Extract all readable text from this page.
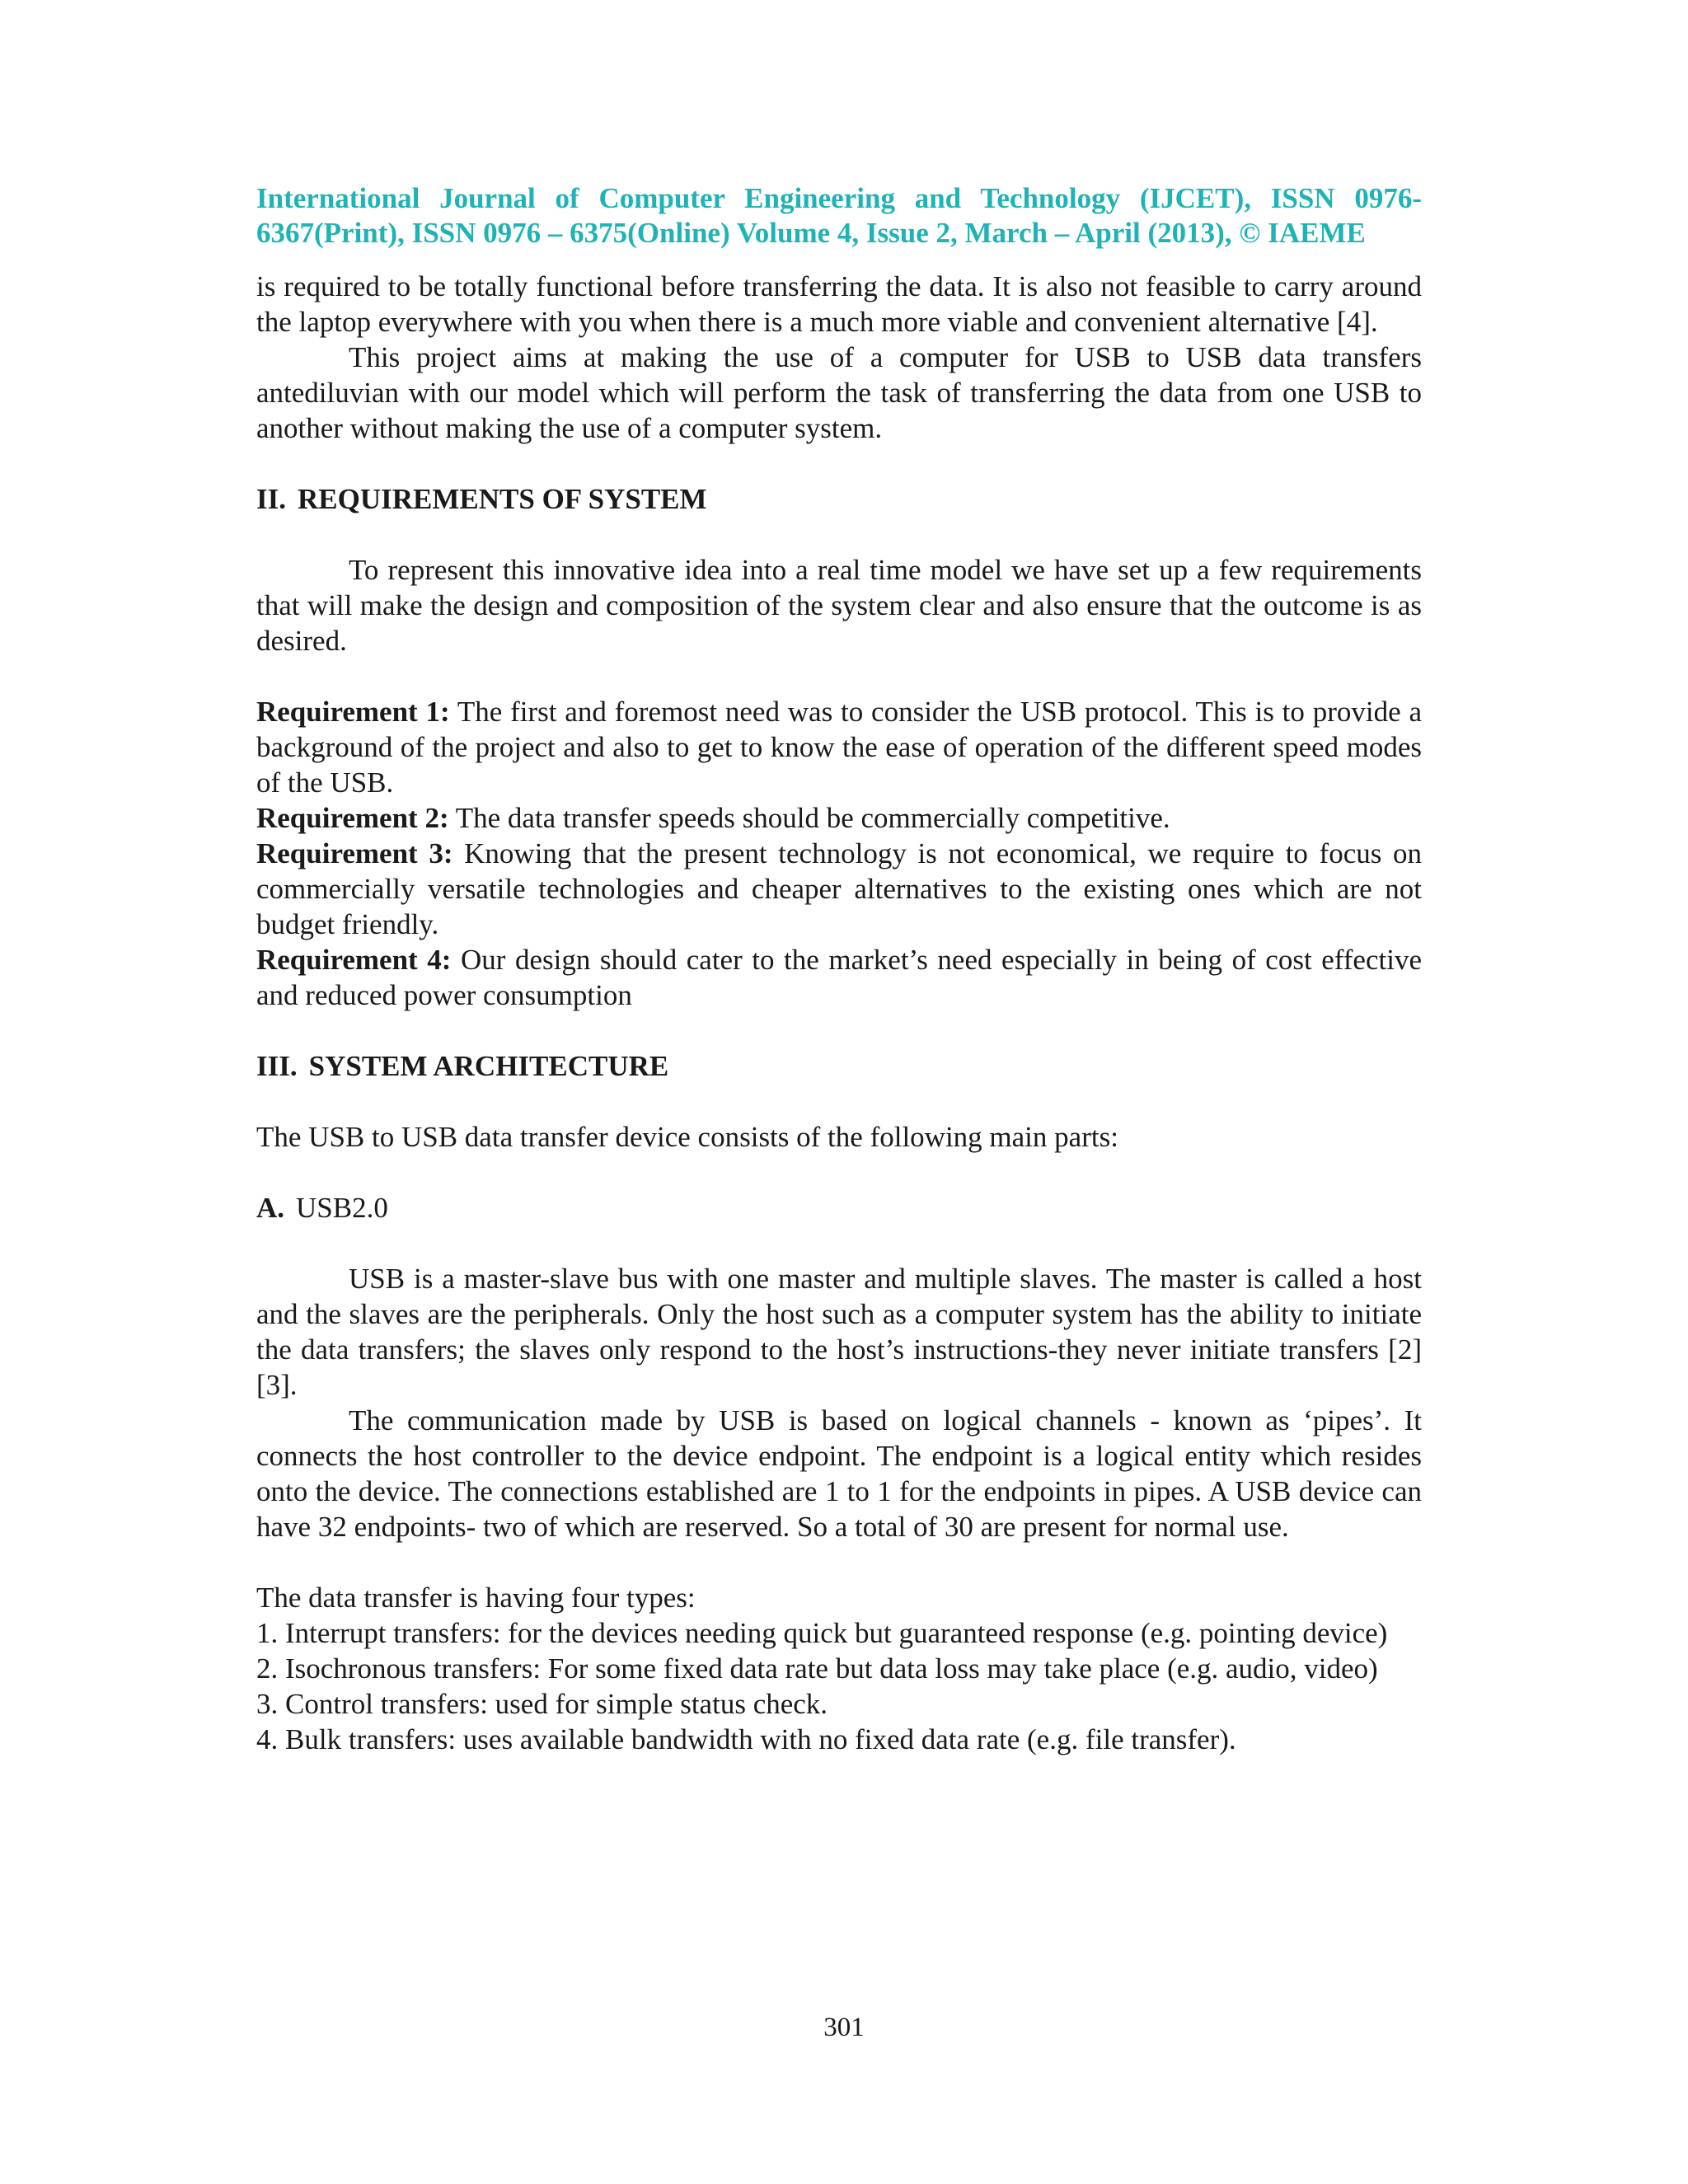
International Journal of Computer Engineering and Technology (IJCET), ISSN 0976-6367(Print), ISSN 0976 – 6375(Online) Volume 4, Issue 2, March – April (2013), © IAEME

is required to be totally functional before transferring the data. It is also not feasible to carry around the laptop everywhere with you when there is a much more viable and convenient alternative [4].

This project aims at making the use of a computer for USB to USB data transfers antediluvian with our model which will perform the task of transferring the data from one USB to another without making the use of a computer system.

II. REQUIREMENTS OF SYSTEM

To represent this innovative idea into a real time model we have set up a few requirements that will make the design and composition of the system clear and also ensure that the outcome is as desired.

Requirement 1: The first and foremost need was to consider the USB protocol. This is to provide a background of the project and also to get to know the ease of operation of the different speed modes of the USB.

Requirement 2: The data transfer speeds should be commercially competitive.

Requirement 3: Knowing that the present technology is not economical, we require to focus on commercially versatile technologies and cheaper alternatives to the existing ones which are not budget friendly.

Requirement 4: Our design should cater to the market’s need especially in being of cost effective and reduced power consumption

III. SYSTEM ARCHITECTURE

The USB to USB data transfer device consists of the following main parts:

A. USB2.0

USB is a master-slave bus with one master and multiple slaves. The master is called a host and the slaves are the peripherals. Only the host such as a computer system has the ability to initiate the data transfers; the slaves only respond to the host’s instructions-they never initiate transfers [2] [3].

The communication made by USB is based on logical channels - known as ‘pipes’. It connects the host controller to the device endpoint. The endpoint is a logical entity which resides onto the device. The connections established are 1 to 1 for the endpoints in pipes. A USB device can have 32 endpoints- two of which are reserved. So a total of 30 are present for normal use.

The data transfer is having four types:

1. Interrupt transfers: for the devices needing quick but guaranteed response (e.g. pointing device)

2. Isochronous transfers: For some fixed data rate but data loss may take place (e.g. audio, video)

3. Control transfers: used for simple status check.

4. Bulk transfers: uses available bandwidth with no fixed data rate (e.g. file transfer).

301
